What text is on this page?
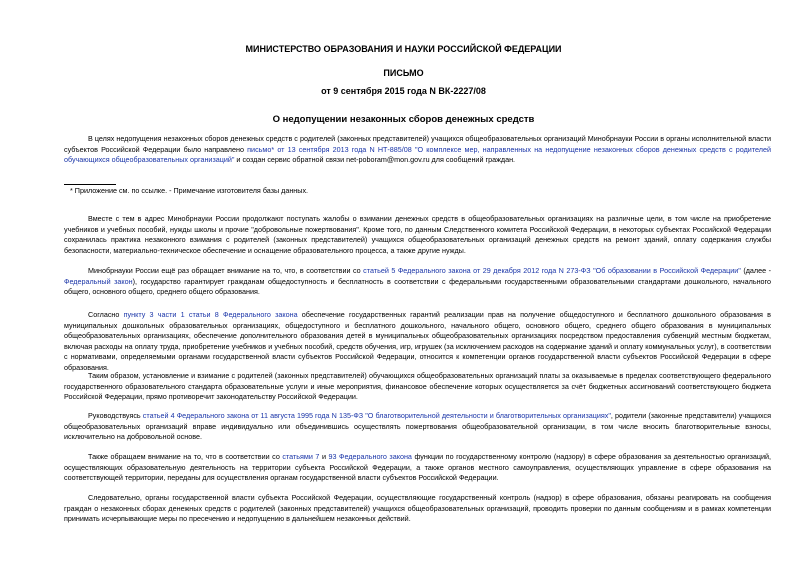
МИНИСТЕРСТВО ОБРАЗОВАНИЯ И НАУКИ РОССИЙСКОЙ ФЕДЕРАЦИИ
ПИСЬМО
от 9 сентября 2015 года N ВК-2227/08
О недопущении незаконных сборов денежных средств

В целях недопущения незаконных сборов денежных средств с родителей (законных представителей) учащихся общеобразовательных организаций Минобрнауки России в органы исполнительной власти субъектов Российской Федерации было направлено письмо* от 13 сентября 2013 года N НТ-885/08 "О комплексе мер, направленных на недопущение незаконных сборов денежных средств с родителей обучающихся общеобразовательных организаций" и создан сервис обратной связи net-poboram@mon.gov.ru для сообщений граждан.

* Приложение см. по ссылке. - Примечание изготовителя базы данных.

Вместе с тем в адрес Минобрнауки России продолжают поступать жалобы о взимании денежных средств в общеобразовательных организациях на различные цели, в том числе на приобретение учебников и учебных пособий, нужды школы и прочие "добровольные пожертвования". Кроме того, по данным Следственного комитета Российской Федерации, в некоторых субъектах Российской Федерации сохранилась практика незаконного взимания с родителей (законных представителей) учащихся общеобразовательных организаций денежных средств на ремонт зданий, оплату содержания службы безопасности, материально-техническое обеспечение и оснащение образовательного процесса, а также другие нужды.

Минобрнауки России ещё раз обращает внимание на то, что, в соответствии со статьей 5 Федерального закона от 29 декабря 2012 года N 273-ФЗ "Об образовании в Российской Федерации" (далее - Федеральный закон), государство гарантирует гражданам общедоступность и бесплатность в соответствии с федеральными государственными образовательными стандартами дошкольного, начального общего, основного общего, среднего общего образования.

Согласно пункту 3 части 1 статьи 8 Федерального закона обеспечение государственных гарантий реализации прав на получение общедоступного и бесплатного дошкольного образования в муниципальных дошкольных образовательных организациях, общедоступного и бесплатного дошкольного, начального общего, основного общего, среднего общего образования в муниципальных общеобразовательных организациях, обеспечение дополнительного образования детей в муниципальных общеобразовательных организациях посредством предоставления субвенций местным бюджетам, включая расходы на оплату труда, приобретение учебников и учебных пособий, средств обучения, игр, игрушек (за исключением расходов на содержание зданий и оплату коммунальных услуг), в соответствии с нормативами, определяемыми органами государственной власти субъектов Российской Федерации, относится к компетенции органов государственной власти субъектов Российской Федерации в сфере образования.

Таким образом, установление и взимание с родителей (законных представителей) обучающихся общеобразовательных организаций платы за оказываемые в пределах соответствующего федерального государственного образовательного стандарта образовательные услуги и иные мероприятия, финансовое обеспечение которых осуществляется за счёт бюджетных ассигнований соответствующего бюджета Российской Федерации, прямо противоречит законодательству Российской Федерации.

Руководствуясь статьей 4 Федерального закона от 11 августа 1995 года N 135-ФЗ "О благотворительной деятельности и благотворительных организациях", родители (законные представители) учащихся общеобразовательных организаций вправе индивидуально или объединившись осуществлять пожертвования общеобразовательной организации, в том числе вносить благотворительные взносы, исключительно на добровольной основе.

Также обращаем внимание на то, что в соответствии со статьями 7 и 93 Федерального закона функции по государственному контролю (надзору) в сфере образования за деятельностью организаций, осуществляющих образовательную деятельность на территории субъекта Российской Федерации, а также органов местного самоуправления, осуществляющих управление в сфере образования на соответствующей территории, переданы для осуществления органам государственной власти субъектов Российской Федерации.

Следовательно, органы государственной власти субъекта Российской Федерации, осуществляющие государственный контроль (надзор) в сфере образования, обязаны реагировать на сообщения граждан о незаконных сборах денежных средств с родителей (законных представителей) учащихся общеобразовательных организаций, проводить проверки по данным сообщениям и в рамках компетенции принимать исчерпывающие меры по пресечению и недопущению в дальнейшем незаконных действий.
